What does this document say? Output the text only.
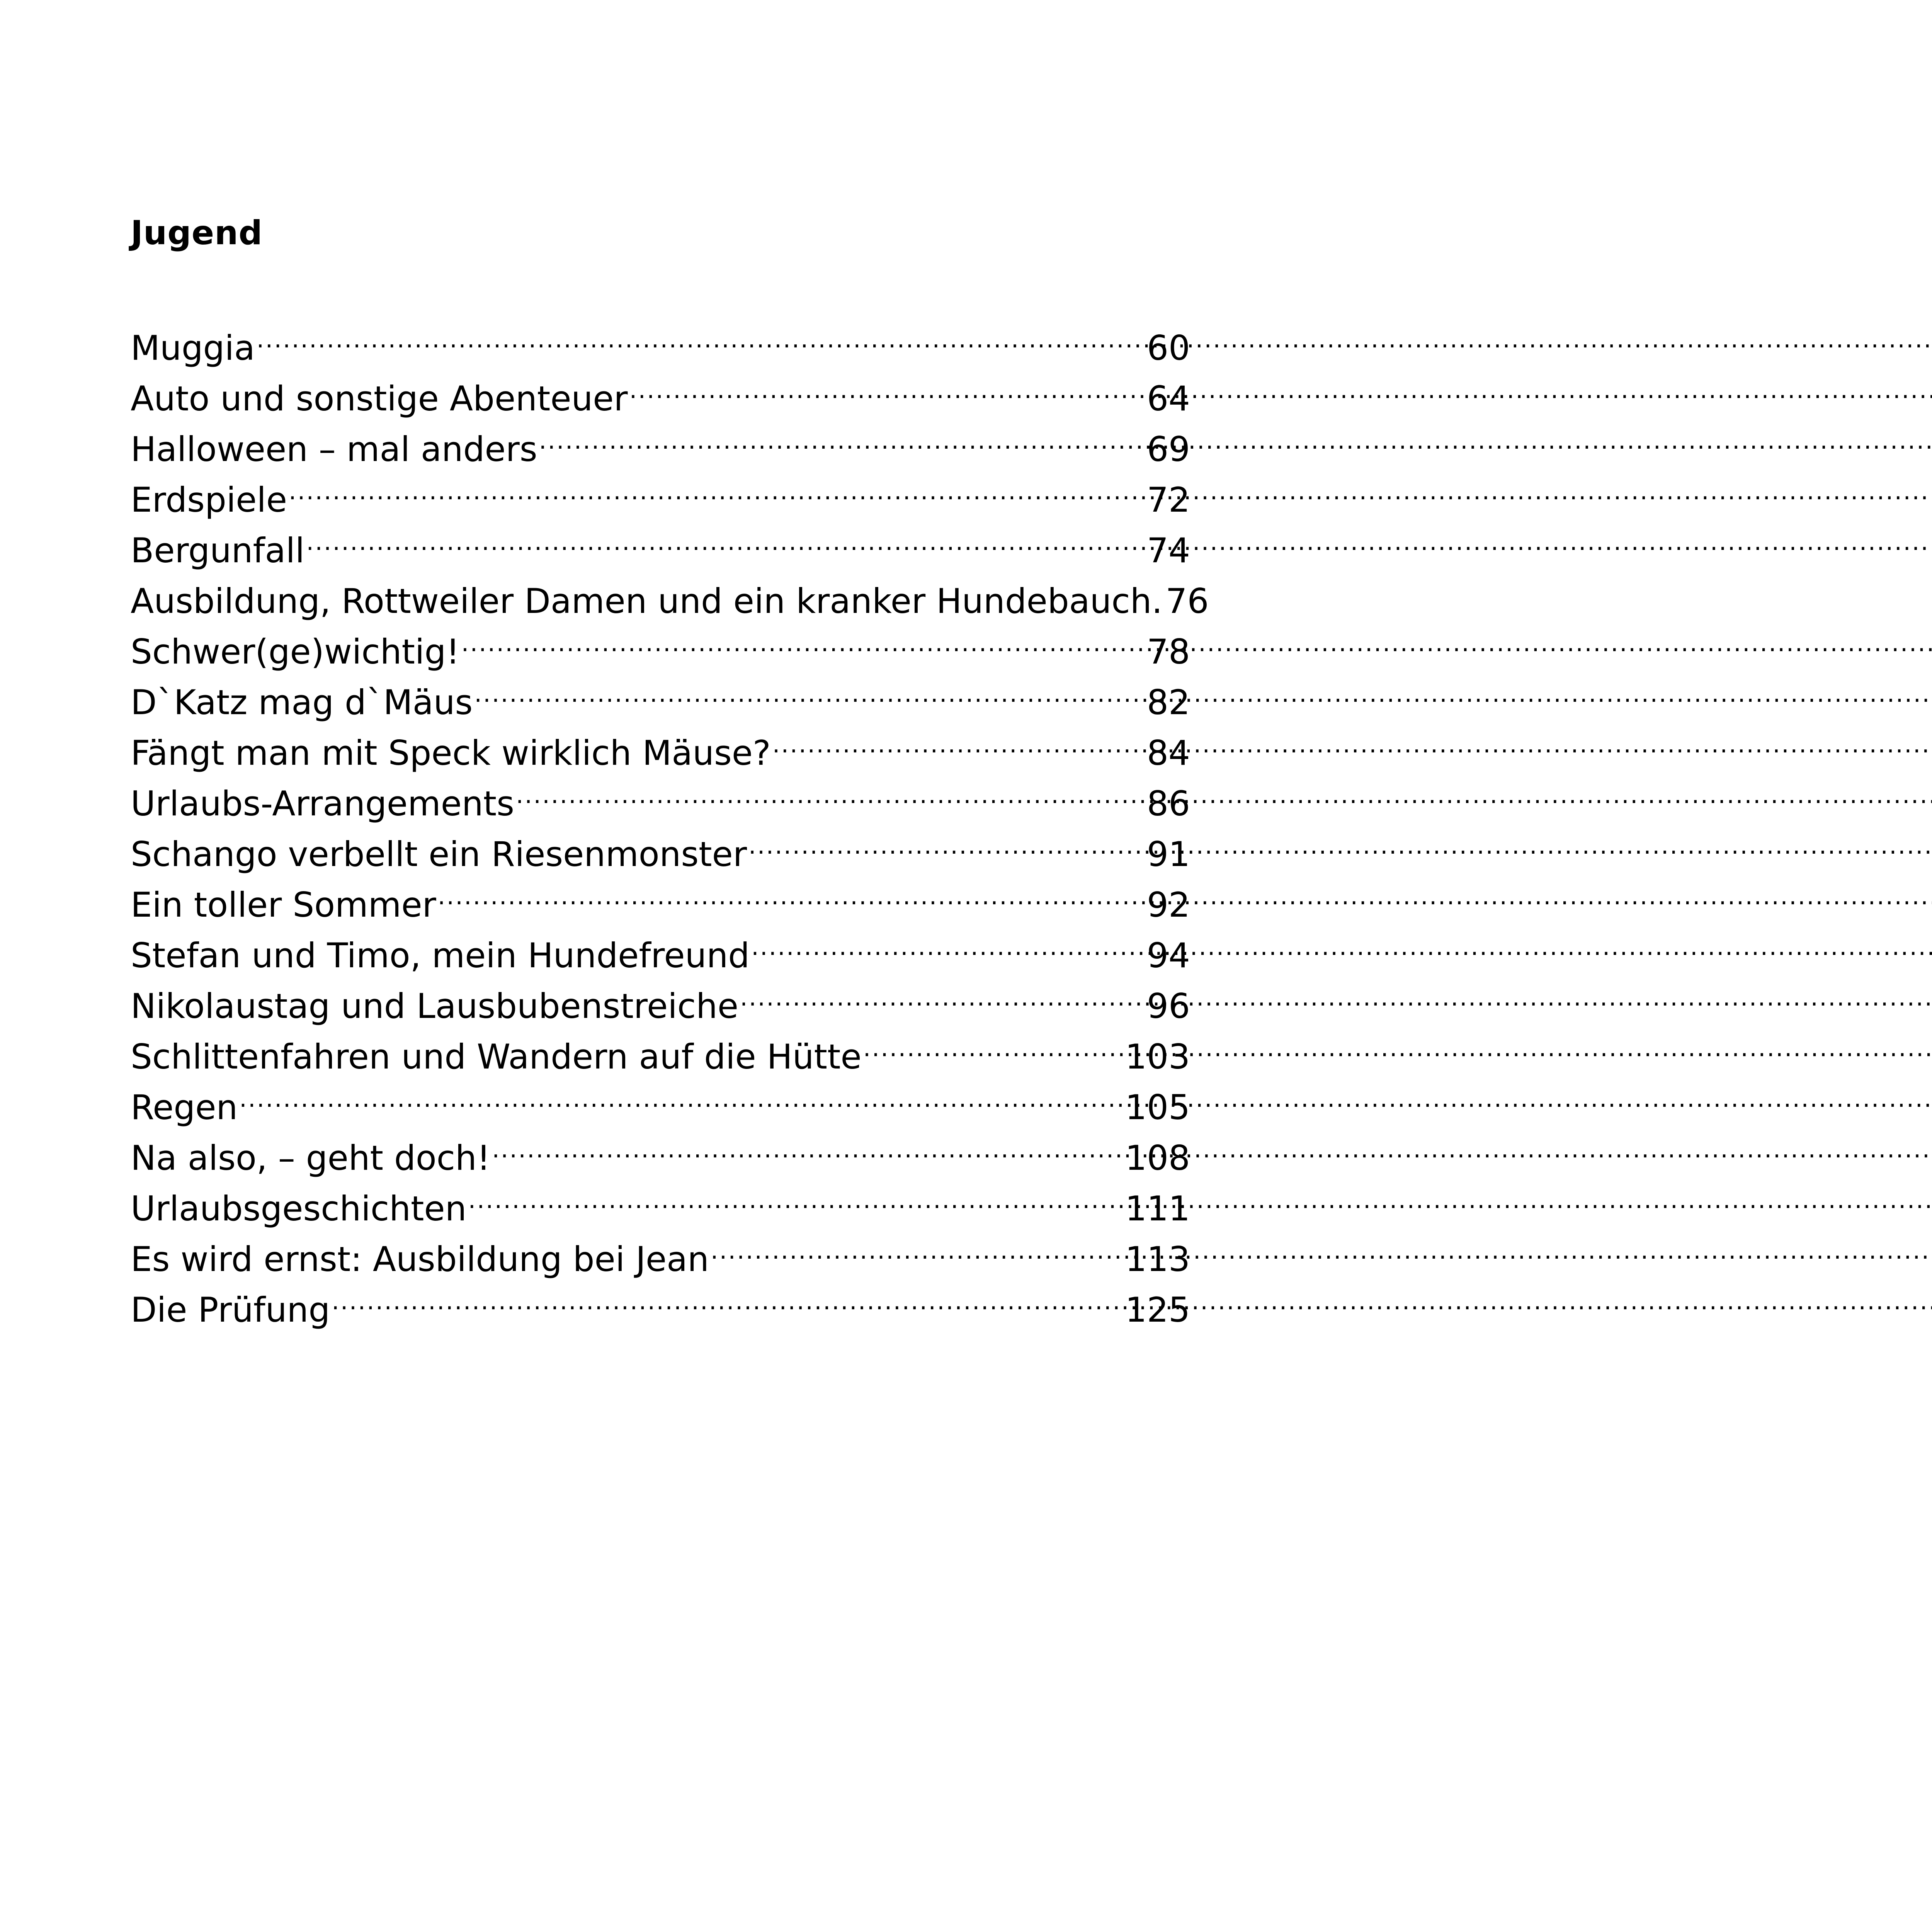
Jugend
Muggia .....	60
Auto und sonstige Abenteuer .....	64
Halloween – mal anders .....	69
Erdspiele .....	72
Bergunfall .....	74
Ausbildung, Rottweiler Damen und ein kranker Hundebauch. 76
Schwer(ge)wichtig! .....	78
D`Katz mag d`Mäus .....	82
Fängt man mit Speck wirklich Mäuse? .....	84
Urlaubs-Arrangements .....	86
Schango verbellt ein Riesenmonster .....	91
Ein toller Sommer .....	92
Stefan und Timo, mein Hundefreund .....	94
Nikolaustag und Lausbubenstreiche .....	96
Schlittenfahren und Wandern auf die Hütte .....	103
Regen .....	105
Na also, – geht doch! .....	108
Urlaubsgeschichten .....	111
Es wird ernst: Ausbildung bei Jean .....	113
Die Prüfung .....	125
